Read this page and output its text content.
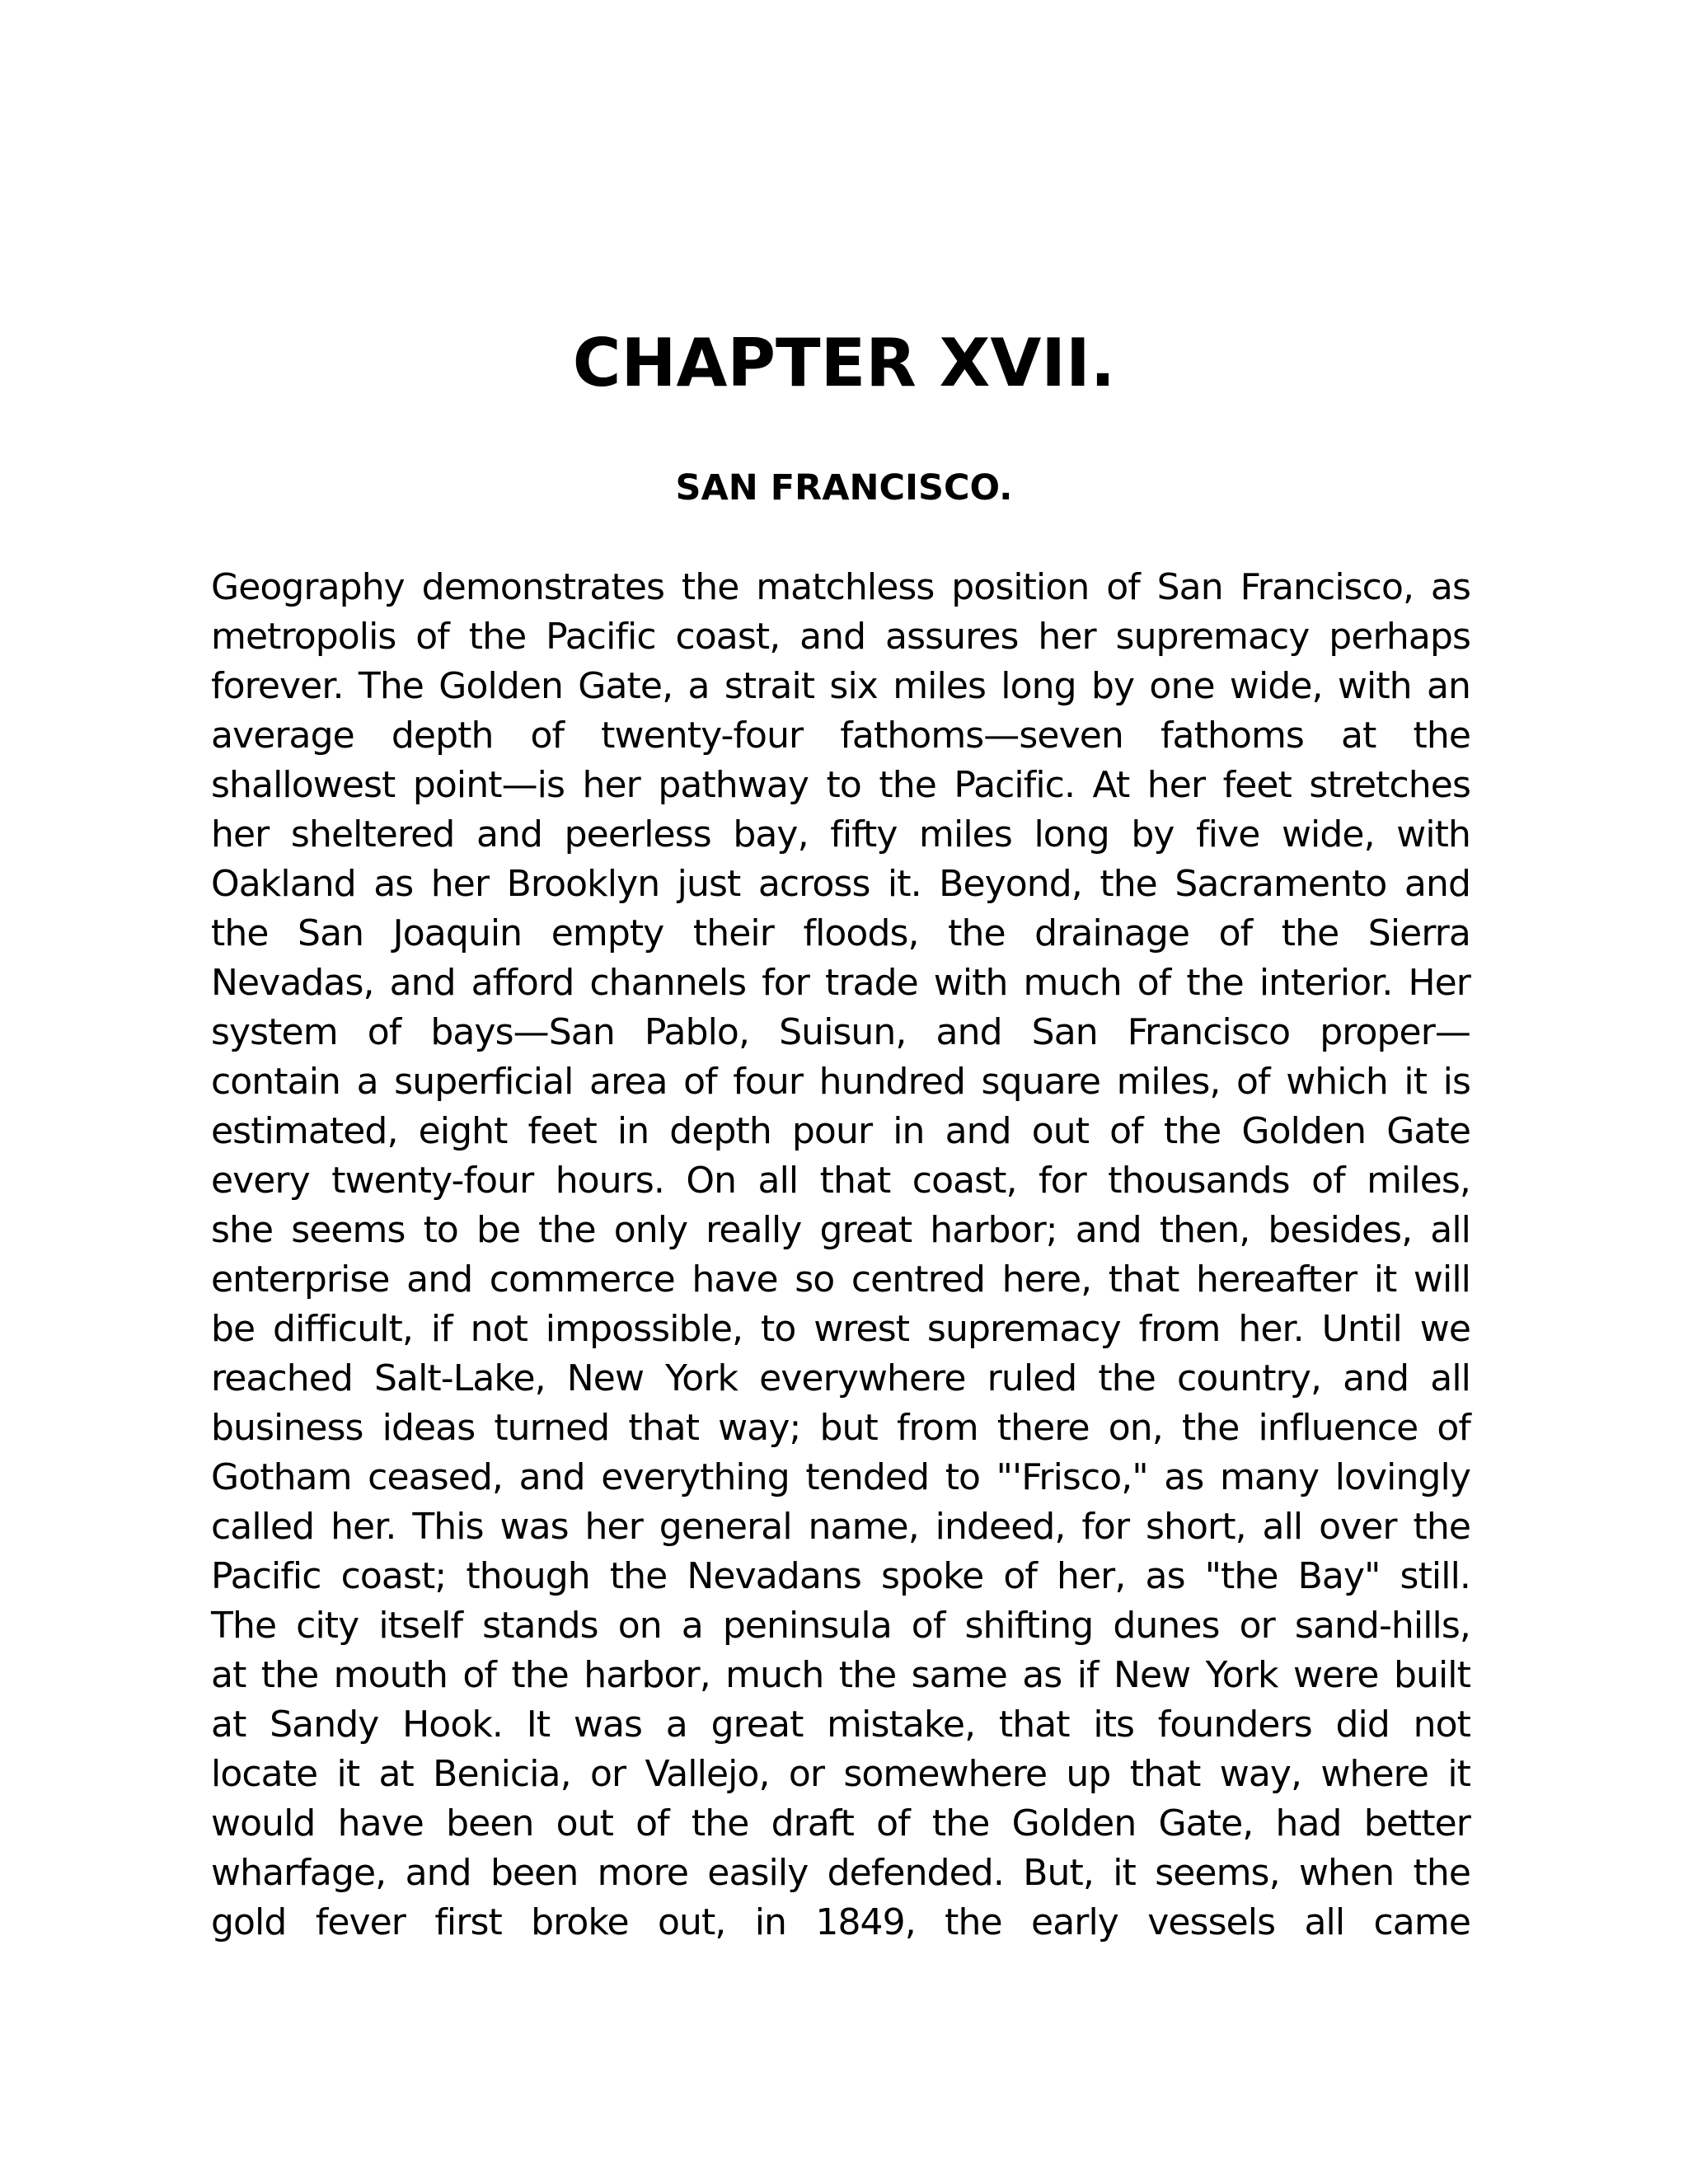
CHAPTER XVII.
SAN FRANCISCO.
Geography demonstrates the matchless position of San Francisco, as
metropolis of the Pacific coast, and assures her supremacy perhaps
forever. The Golden Gate, a strait six miles long by one wide, with an
average depth of twenty-four fathoms—seven fathoms at the
shallowest point—is her pathway to the Pacific. At her feet stretches
her sheltered and peerless bay, fifty miles long by five wide, with
Oakland as her Brooklyn just across it. Beyond, the Sacramento and
the San Joaquin empty their floods, the drainage of the Sierra
Nevadas, and afford channels for trade with much of the interior. Her
system of bays—San Pablo, Suisun, and San Francisco proper—
contain a superficial area of four hundred square miles, of which it is
estimated, eight feet in depth pour in and out of the Golden Gate
every twenty-four hours. On all that coast, for thousands of miles,
she seems to be the only really great harbor; and then, besides, all
enterprise and commerce have so centred here, that hereafter it will
be difficult, if not impossible, to wrest supremacy from her. Until we
reached Salt-Lake, New York everywhere ruled the country, and all
business ideas turned that way; but from there on, the influence of
Gotham ceased, and everything tended to "'Frisco," as many lovingly
called her. This was her general name, indeed, for short, all over the
Pacific coast; though the Nevadans spoke of her, as "the Bay" still.
The city itself stands on a peninsula of shifting dunes or sand-hills,
at the mouth of the harbor, much the same as if New York were built
at Sandy Hook. It was a great mistake, that its founders did not
locate it at Benicia, or Vallejo, or somewhere up that way, where it
would have been out of the draft of the Golden Gate, had better
wharfage, and been more easily defended. But, it seems, when the
gold fever first broke out, in 1849, the early vessels all came
